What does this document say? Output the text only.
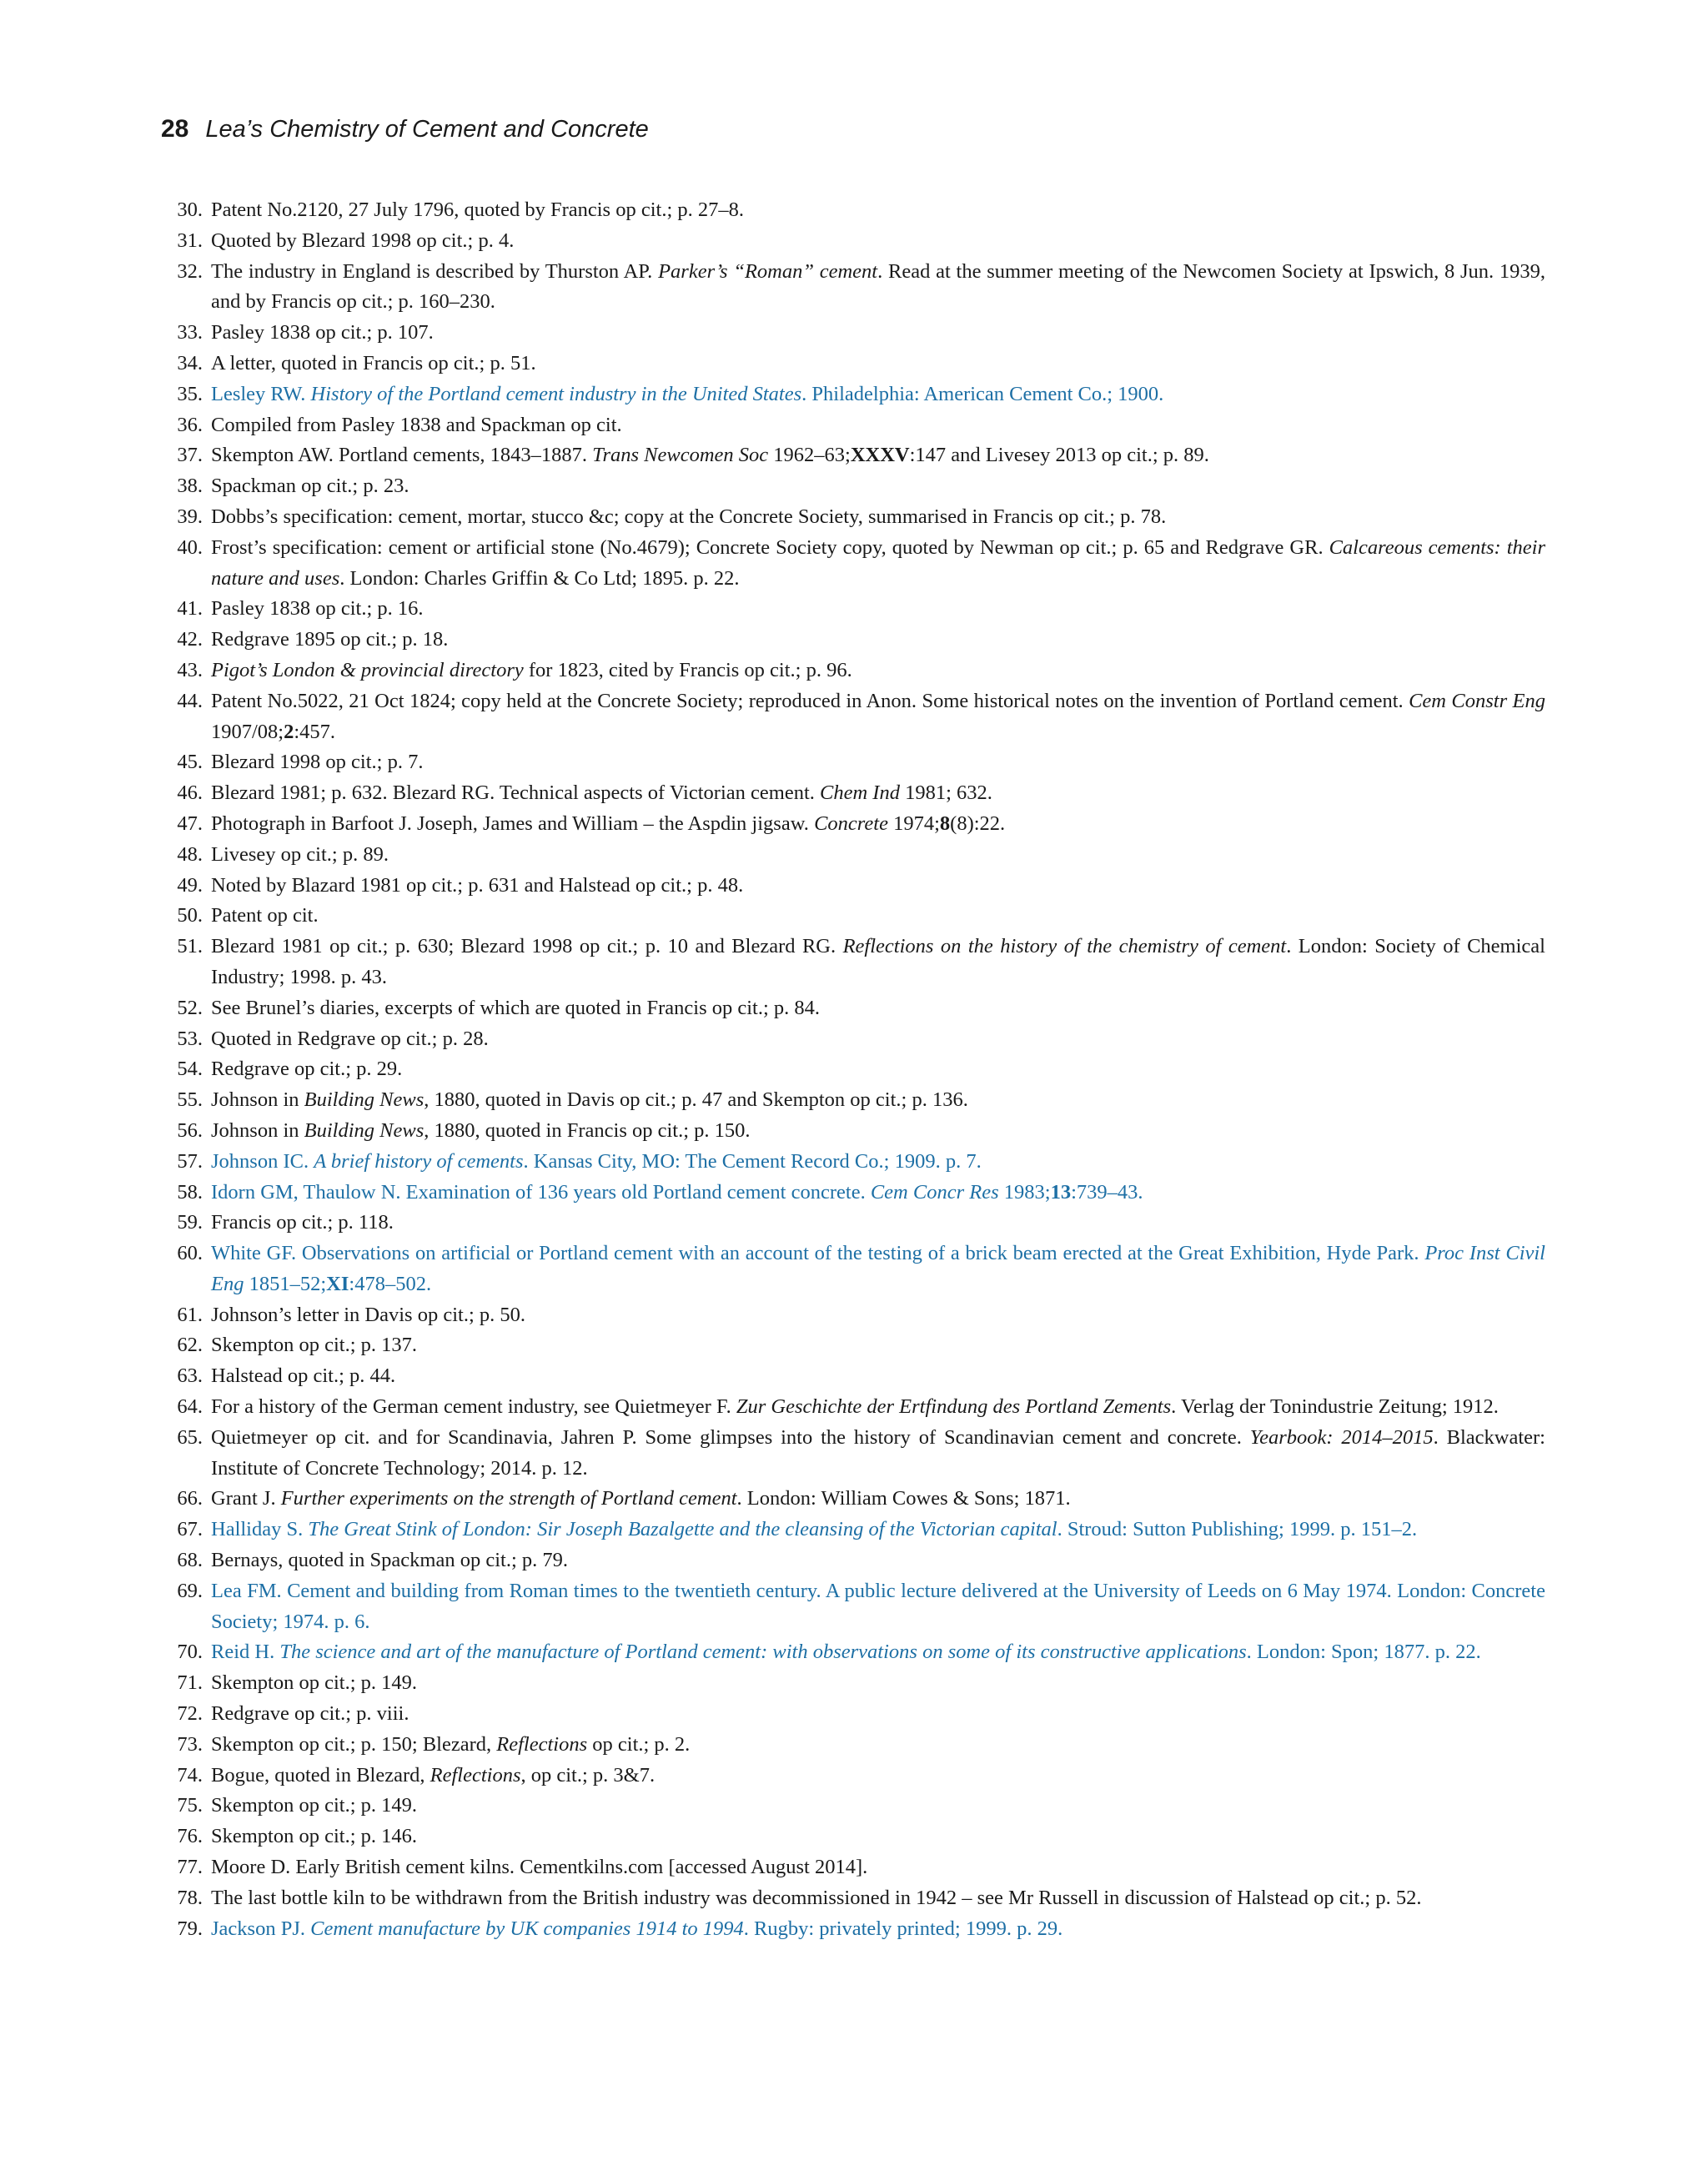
28 Lea’s Chemistry of Cement and Concrete
30. Patent No.2120, 27 July 1796, quoted by Francis op cit.; p. 27–8.
31. Quoted by Blezard 1998 op cit.; p. 4.
32. The industry in England is described by Thurston AP. Parker’s “Roman” cement. Read at the summer meeting of the Newcomen Society at Ipswich, 8 Jun. 1939, and by Francis op cit.; p. 160–230.
33. Pasley 1838 op cit.; p. 107.
34. A letter, quoted in Francis op cit.; p. 51.
35. Lesley RW. History of the Portland cement industry in the United States. Philadelphia: American Cement Co.; 1900.
36. Compiled from Pasley 1838 and Spackman op cit.
37. Skempton AW. Portland cements, 1843–1887. Trans Newcomen Soc 1962–63;XXXV:147 and Livesey 2013 op cit.; p. 89.
38. Spackman op cit.; p. 23.
39. Dobbs’s specification: cement, mortar, stucco &c; copy at the Concrete Society, summarised in Francis op cit.; p. 78.
40. Frost’s specification: cement or artificial stone (No.4679); Concrete Society copy, quoted by Newman op cit.; p. 65 and Redgrave GR. Calcareous cements: their nature and uses. London: Charles Griffin & Co Ltd; 1895. p. 22.
41. Pasley 1838 op cit.; p. 16.
42. Redgrave 1895 op cit.; p. 18.
43. Pigot’s London & provincial directory for 1823, cited by Francis op cit.; p. 96.
44. Patent No.5022, 21 Oct 1824; copy held at the Concrete Society; reproduced in Anon. Some historical notes on the invention of Portland cement. Cem Constr Eng 1907/08;2:457.
45. Blezard 1998 op cit.; p. 7.
46. Blezard 1981; p. 632. Blezard RG. Technical aspects of Victorian cement. Chem Ind 1981; 632.
47. Photograph in Barfoot J. Joseph, James and William – the Aspdin jigsaw. Concrete 1974;8(8):22.
48. Livesey op cit.; p. 89.
49. Noted by Blazard 1981 op cit.; p. 631 and Halstead op cit.; p. 48.
50. Patent op cit.
51. Blezard 1981 op cit.; p. 630; Blezard 1998 op cit.; p. 10 and Blezard RG. Reflections on the history of the chemistry of cement. London: Society of Chemical Industry; 1998. p. 43.
52. See Brunel’s diaries, excerpts of which are quoted in Francis op cit.; p. 84.
53. Quoted in Redgrave op cit.; p. 28.
54. Redgrave op cit.; p. 29.
55. Johnson in Building News, 1880, quoted in Davis op cit.; p. 47 and Skempton op cit.; p. 136.
56. Johnson in Building News, 1880, quoted in Francis op cit.; p. 150.
57. Johnson IC. A brief history of cements. Kansas City, MO: The Cement Record Co.; 1909. p. 7.
58. Idorn GM, Thaulow N. Examination of 136 years old Portland cement concrete. Cem Concr Res 1983;13:739–43.
59. Francis op cit.; p. 118.
60. White GF. Observations on artificial or Portland cement with an account of the testing of a brick beam erected at the Great Exhibition, Hyde Park. Proc Inst Civil Eng 1851–52;XI:478–502.
61. Johnson’s letter in Davis op cit.; p. 50.
62. Skempton op cit.; p. 137.
63. Halstead op cit.; p. 44.
64. For a history of the German cement industry, see Quietmeyer F. Zur Geschichte der Ertfindung des Portland Zements. Verlag der Tonindustrie Zeitung; 1912.
65. Quietmeyer op cit. and for Scandinavia, Jahren P. Some glimpses into the history of Scandinavian cement and concrete. Yearbook: 2014–2015. Blackwater: Institute of Concrete Technology; 2014. p. 12.
66. Grant J. Further experiments on the strength of Portland cement. London: William Cowes & Sons; 1871.
67. Halliday S. The Great Stink of London: Sir Joseph Bazalgette and the cleansing of the Victorian capital. Stroud: Sutton Publishing; 1999. p. 151–2.
68. Bernays, quoted in Spackman op cit.; p. 79.
69. Lea FM. Cement and building from Roman times to the twentieth century. A public lecture delivered at the University of Leeds on 6 May 1974. London: Concrete Society; 1974. p. 6.
70. Reid H. The science and art of the manufacture of Portland cement: with observations on some of its constructive applications. London: Spon; 1877. p. 22.
71. Skempton op cit.; p. 149.
72. Redgrave op cit.; p. viii.
73. Skempton op cit.; p. 150; Blezard, Reflections op cit.; p. 2.
74. Bogue, quoted in Blezard, Reflections, op cit.; p. 3&7.
75. Skempton op cit.; p. 149.
76. Skempton op cit.; p. 146.
77. Moore D. Early British cement kilns. Cementkilns.com [accessed August 2014].
78. The last bottle kiln to be withdrawn from the British industry was decommissioned in 1942 – see Mr Russell in discussion of Halstead op cit.; p. 52.
79. Jackson PJ. Cement manufacture by UK companies 1914 to 1994. Rugby: privately printed; 1999. p. 29.
